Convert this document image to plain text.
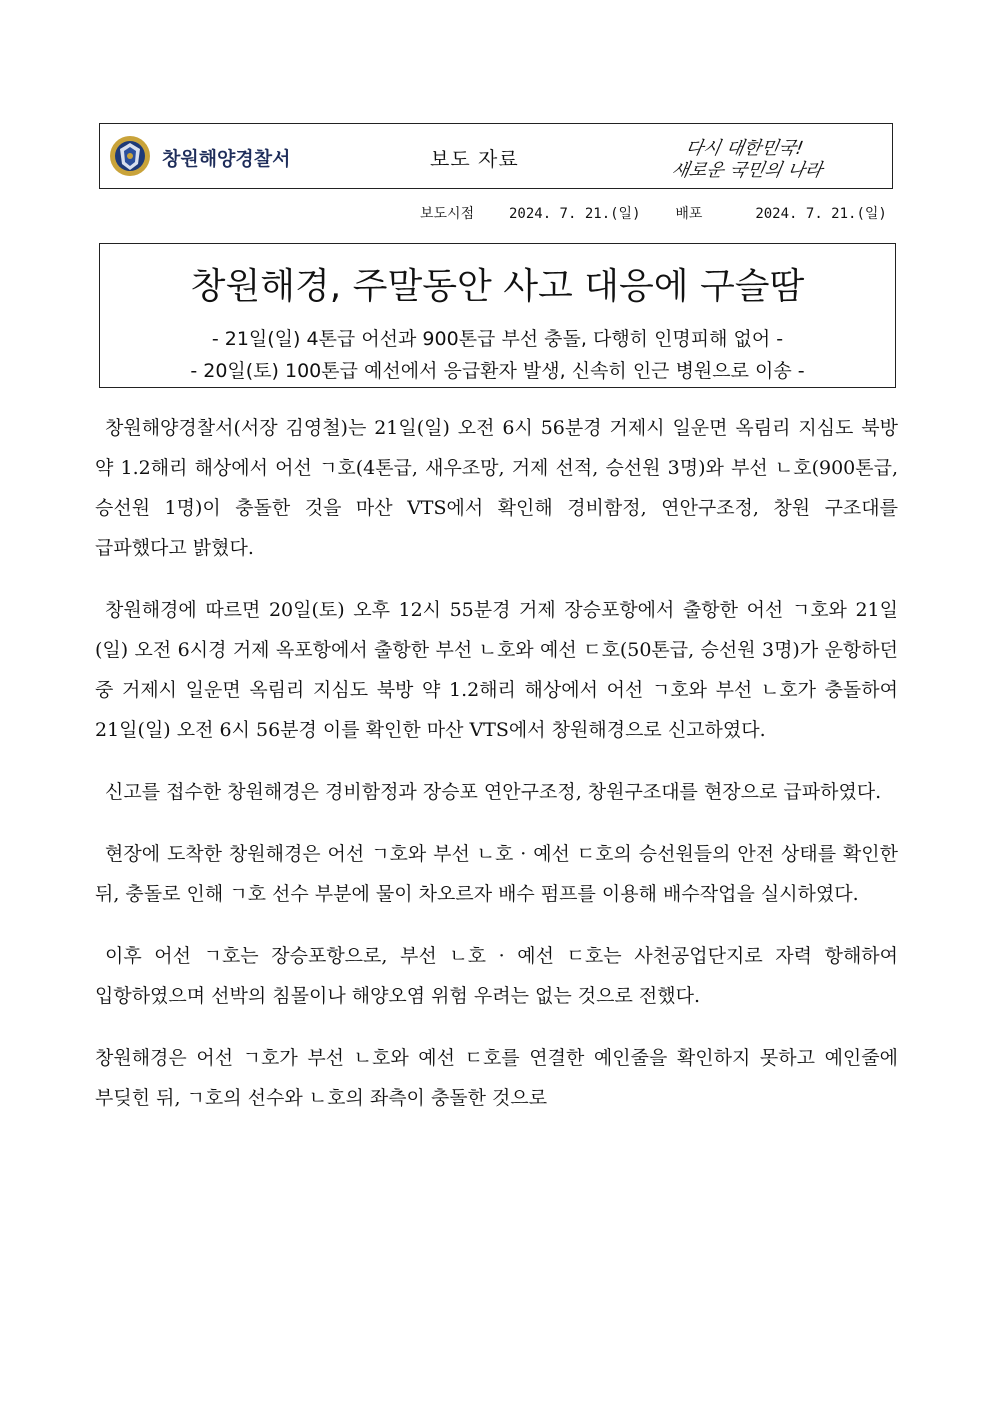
창원해양경찰서	보도 자료	다시 대한민국!
새로운 국민의 나라
보도시점 2024. 7. 21.(일) 배포	2024. 7. 21.(일)
창원해경, 주말동안 사고 대응에 구슬땀
- 21일(일) 4톤급 어선과 900톤급 부선 충돌, 다행히 인명피해 없어 -
- 20일(토) 100톤급 예선에서 응급환자 발생, 신속히 인근 병원으로 이송 -

창원해양경찰서(서장 김영철)는 21일(일) 오전 6시 56분경 거제시 일운면 옥림리 지심도 북방 약 1.2해리 해상에서 어선 ㄱ호(4톤급, 새우조망, 거제 선적, 승선원 3명)와 부선 ㄴ호(900톤급, 승선원 1명)이 충돌한 것을 마산 VTS에서 확인해 경비함정, 연안구조정, 창원 구조대를 급파했다고 밝혔다.

창원해경에 따르면 20일(토) 오후 12시 55분경 거제 장승포항에서 출항한 어선 ㄱ호와 21일(일) 오전 6시경 거제 옥포항에서 출항한 부선 ㄴ호와 예선 ㄷ호(50톤급, 승선원 3명)가 운항하던 중 거제시 일운면 옥림리 지심도 북방 약 1.2해리 해상에서 어선 ㄱ호와 부선 ㄴ호가 충돌하여 21일(일) 오전 6시 56분경 이를 확인한 마산 VTS에서 창원해경으로 신고하였다.

신고를 접수한 창원해경은 경비함정과 장승포 연안구조정, 창원구조대를 현장으로 급파하였다.

현장에 도착한 창원해경은 어선 ㄱ호와 부선 ㄴ호 · 예선 ㄷ호의 승선원들의 안전 상태를 확인한 뒤, 충돌로 인해 ㄱ호 선수 부분에 물이 차오르자 배수 펌프를 이용해 배수작업을 실시하였다.

이후 어선 ㄱ호는 장승포항으로, 부선 ㄴ호 · 예선 ㄷ호는 사천공업단지로 자력 항해하여 입항하였으며 선박의 침몰이나 해양오염 위험 우려는 없는 것으로 전했다.

창원해경은 어선 ㄱ호가 부선 ㄴ호와 예선 ㄷ호를 연결한 예인줄을 확인하지 못하고 예인줄에 부딪힌 뒤, ㄱ호의 선수와 ㄴ호의 좌측이 충돌한 것으로
